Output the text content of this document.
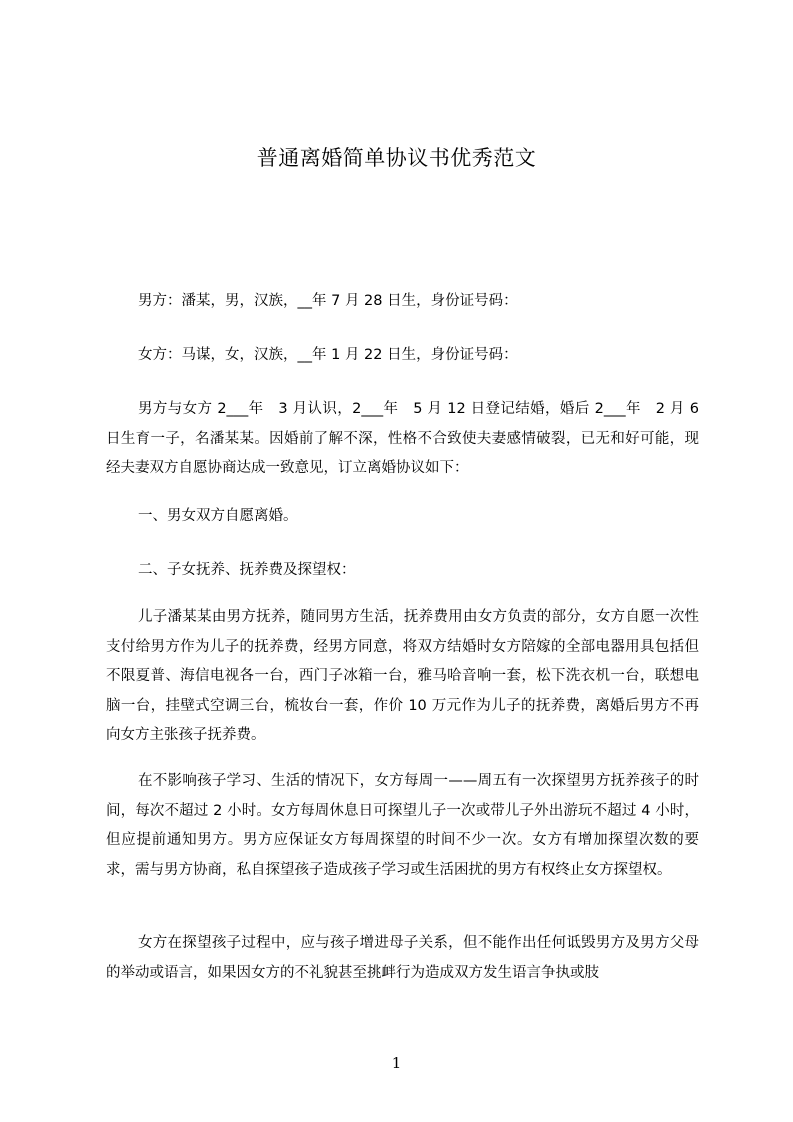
普通离婚简单协议书优秀范文

男方：潘某，男，汉族，__年 7 月 28 日生，身份证号码：

女方：马谋，女，汉族，__年 1 月 22 日生，身份证号码：

男方与女方 2___年　3 月认识，2___年　5 月 12 日登记结婚，婚后 2___年　2 月 6 日生育一子，名潘某某。因婚前了解不深，性格不合致使夫妻感情破裂，已无和好可能，现经夫妻双方自愿协商达成一致意见，订立离婚协议如下：

一、男女双方自愿离婚。

二、子女抚养、抚养费及探望权：

儿子潘某某由男方抚养，随同男方生活，抚养费用由女方负责的部分，女方自愿一次性支付给男方作为儿子的抚养费，经男方同意，将双方结婚时女方陪嫁的全部电器用具包括但不限夏普、海信电视各一台，西门子冰箱一台，雅马哈音响一套，松下洗衣机一台，联想电脑一台，挂壁式空调三台，梳妆台一套，作价 10 万元作为儿子的抚养费，离婚后男方不再向女方主张孩子抚养费。

在不影响孩子学习、生活的情况下，女方每周一——周五有一次探望男方抚养孩子的时间，每次不超过 2 小时。女方每周休息日可探望儿子一次或带儿子外出游玩不超过 4 小时，但应提前通知男方。男方应保证女方每周探望的时间不少一次。女方有增加探望次数的要求，需与男方协商，私自探望孩子造成孩子学习或生活困扰的男方有权终止女方探望权。

女方在探望孩子过程中，应与孩子增进母子关系，但不能作出任何诋毁男方及男方父母的举动或语言，如果因女方的不礼貌甚至挑衅行为造成双方发生语言争执或肢

1
